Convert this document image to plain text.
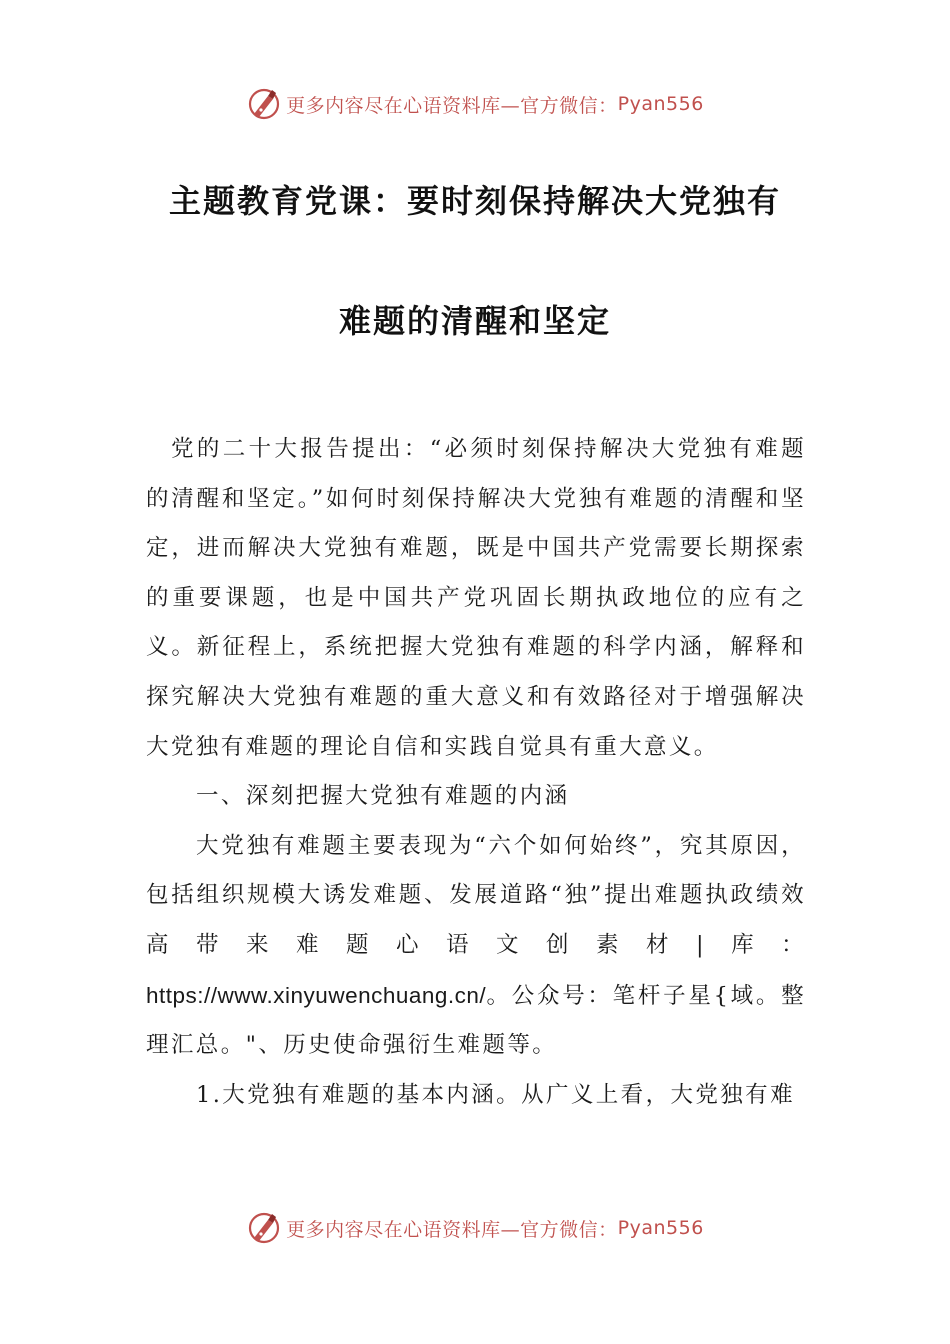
更多内容尽在心语资料库—官方微信： Pyan556
主题教育党课：要时刻保持解决大党独有
难题的清醒和坚定

党的二十大报告提出：“必须时刻保持解决大党独有难题的清醒和坚定。”如何时刻保持解决大党独有难题的清醒和坚定，进而解决大党独有难题，既是中国共产党需要长期探索的重要课题，也是中国共产党巩固长期执政地位的应有之义。新征程上，系统把握大党独有难题的科学内涵，解释和探究解决大党独有难题的重大意义和有效路径对于增强解决大党独有难题的理论自信和实践自觉具有重大意义。

一、深刻把握大党独有难题的内涵

大党独有难题主要表现为“六个如何始终”，究其原因，包括组织规模大诱发难题、发展道路“独”提出难题执政绩效高带来难题心语文创素材|库：https://www.xinyuwenchuang.cn/。公众号：笔杆子星{域。整理汇总。"、历史使命强衍生难题等。

1.大党独有难题的基本内涵。从广义上看，大党独有难

更多内容尽在心语资料库—官方微信： Pyan556
